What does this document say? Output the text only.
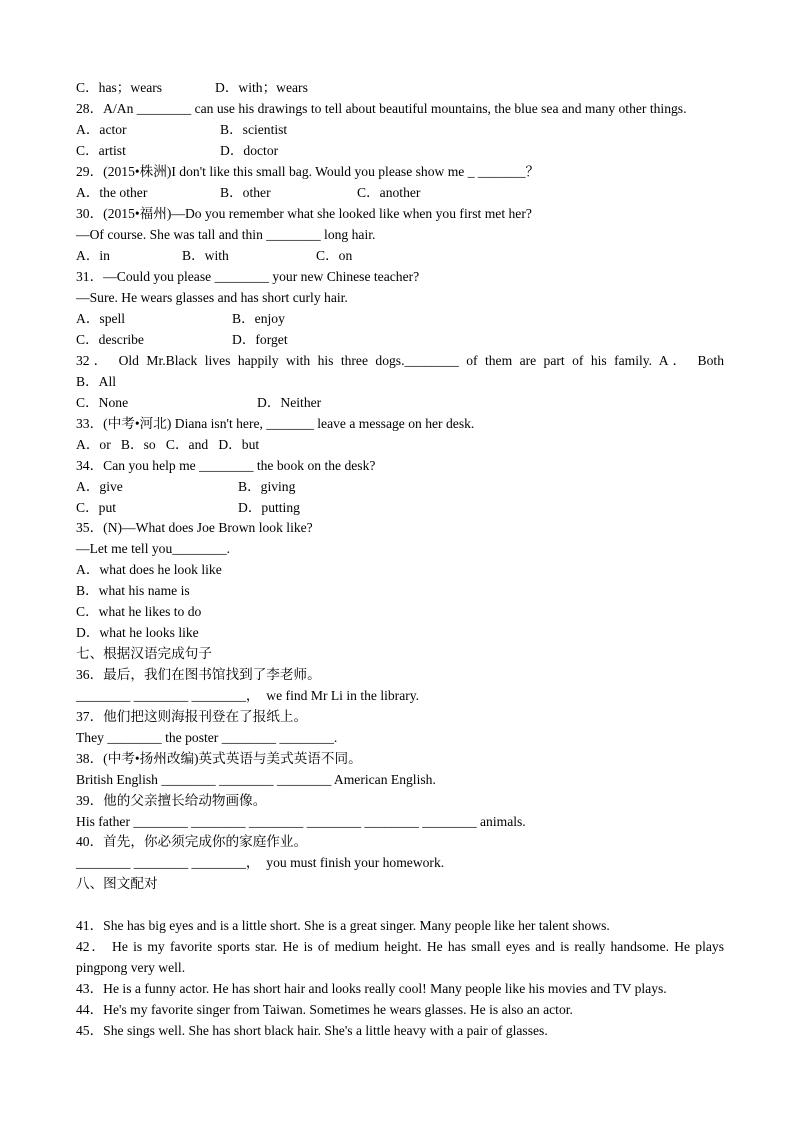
C．has；wears	D．with；wears
28．A/An ________ can use his drawings to tell about beautiful mountains, the blue sea and many other things.
A．actor	B．scientist
C．artist	D．doctor
29．(2015•株洲)I don't like this small bag. Would you please show me _ _______？
A．the other	B．other	C．another
30．(2015•福州)—Do you remember what she looked like when you first met her?
—Of course. She was tall and thin ________ long hair.
A．in	B．with	C．on
31．—Could you please ________ your new Chinese teacher?
—Sure. He wears glasses and has short curly hair.
A．spell	B．enjoy
C．describe	D．forget
32． Old Mr.Black lives happily with his three dogs.________ of them are part of his family. A． Both
B．All
C．None	D．Neither
33．(中考•河北) Diana isn't here, _______ leave a message on her desk.
A．or   B．so   C．and   D．but
34．Can you help me ________ the book on the desk?
A．give	B．giving
C．put	D．putting
35．(N)—What does Joe Brown look like?
—Let me tell you________.
A．what does he look like
B．what his name is
C．what he likes to do
D．what he looks like
七、根据汉语完成句子
36．最后，我们在图书馆找到了李老师。
________ ________ ________，  we find Mr Li in the library.
37．他们把这则海报刊登在了报纸上。
They ________ the poster ________ ________.
38．(中考•扬州改编)英式英语与美式英语不同。
British English ________ ________ ________ American English.
39．他的父亲擅长给动物画像。
His father ________ ________ ________ ________ ________ ________ animals.
40．首先，你必须完成你的家庭作业。
________ ________ ________，  you must finish your homework.
八、图文配对
41．She has big eyes and is a little short. She is a great singer. Many people like her talent shows.
42． He is my favorite sports star. He is of medium height. He has small eyes and is really handsome. He plays
pingpong very well.
43．He is a funny actor. He has short hair and looks really cool! Many people like his movies and TV plays.
44．He's my favorite singer from Taiwan. Sometimes he wears glasses. He is also an actor.
45．She sings well. She has short black hair. She's a little heavy with a pair of glasses.
